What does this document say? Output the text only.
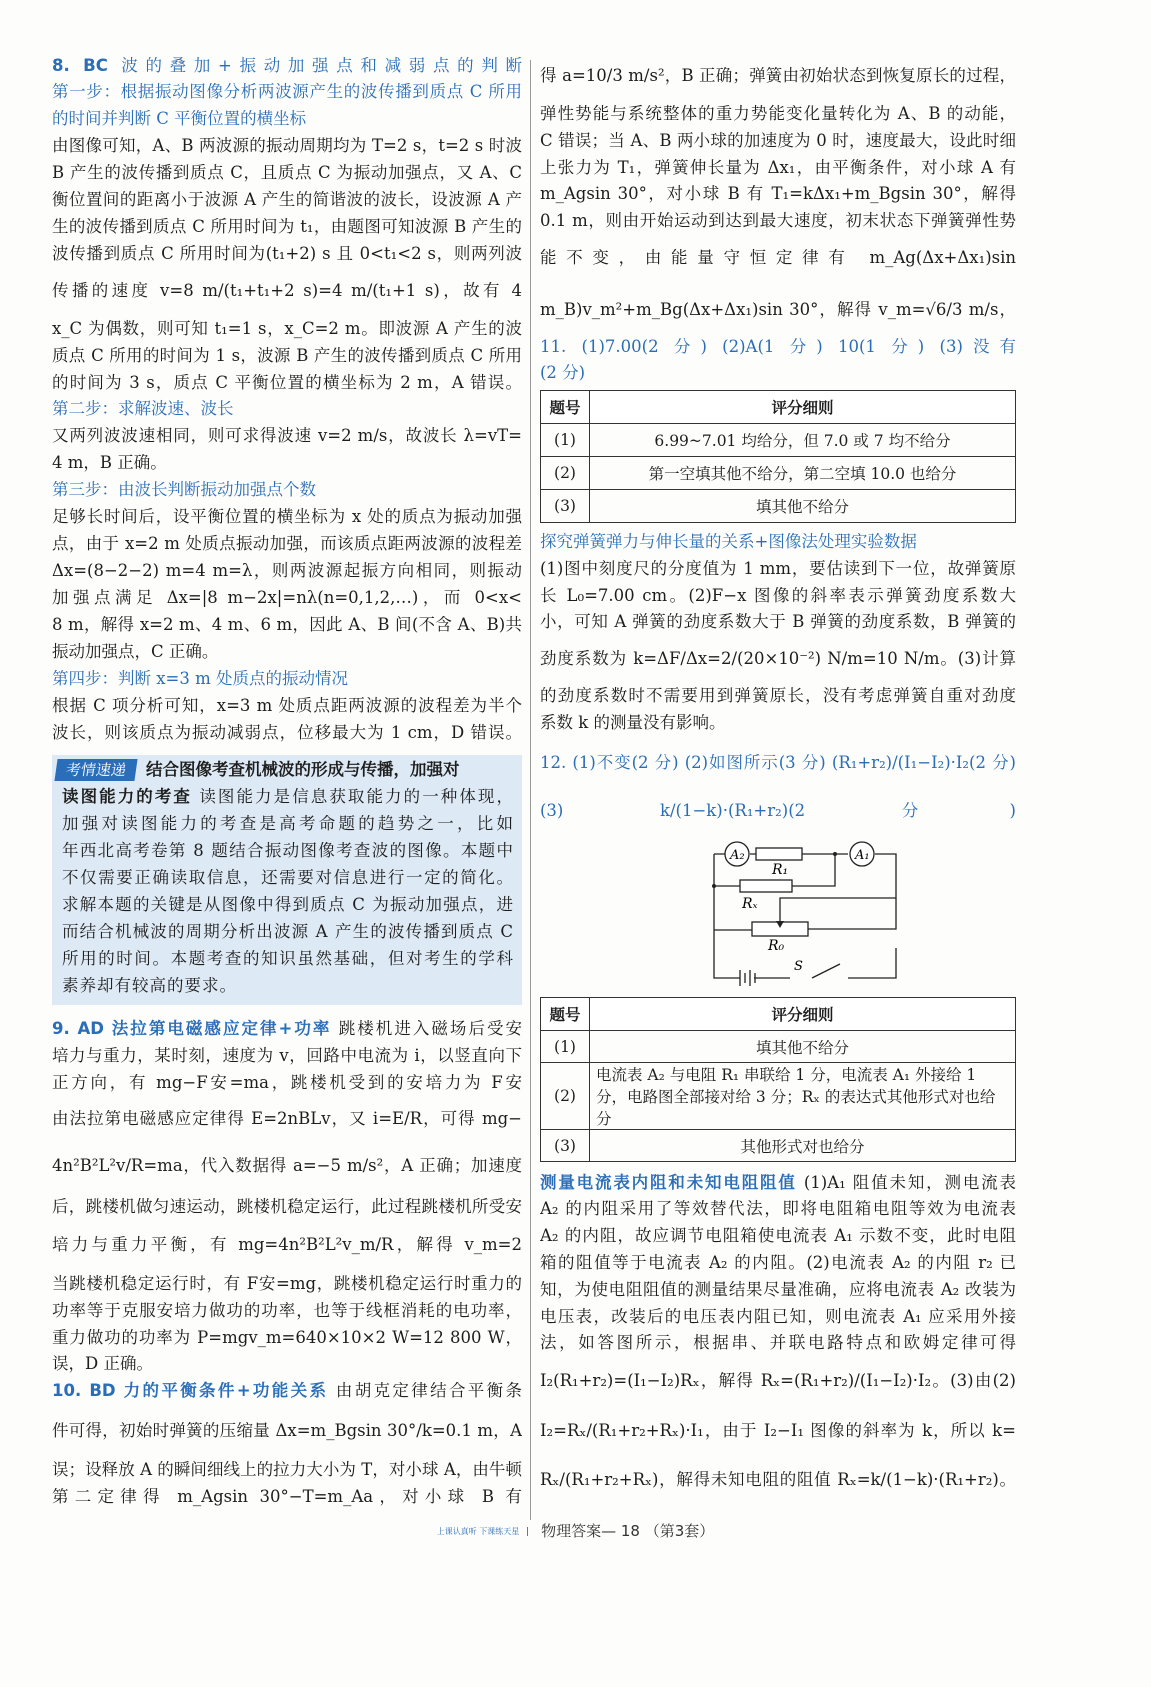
考情速递 结合图像考查机械波的形成与传播，加强对
读图能力的考查 读图能力是信息获取能力的一种体现，
加强对读图能力的考查是高考命题的趋势之一，比如
年西北高考卷第 8 题结合振动图像考查波的图像。本题中
不仅需要正确读取信息，还需要对信息进行一定的简化。
求解本题的关键是从图像中得到质点 C 为振动加强点，进
而结合机械波的周期分析出波源 A 产生的波传播到质点 C
所用的时间。本题考查的知识虽然基础，但对考生的学科
素养却有较高的要求。
题号	评分细则
(1)	6.99~7.01 均给分，但 7.0 或 7 均不给分
(2)	第一空填其他不给分，第二空填 10.0 也给分
(3)	填其他不给分
题号	评分细则
(1)	填其他不给分
(2)	电流表 A₂ 与电阻 R₁ 串联给 1 分，电流表 A₁ 外接给 1 分，电路图全部接对给 3 分；Rₓ 的表达式其他形式对也给分
(3)	其他形式对也给分
A₂
R₁
A₁
Rₓ
R₀
S
上课认真听 下课练天星 物理答案— 18 （第3套）
8. BC 波的叠加+振动加强点和减弱点的判断
第一步：根据振动图像分析两波源产生的波传播到质点 C 所用
的时间并判断 C 平衡位置的横坐标
由图像可知，A、B 两波源的振动周期均为 T=2 s，t=2 s 时波
B 产生的波传播到质点 C，且质点 C 为振动加强点，又 A、C
衡位置间的距离小于波源 A 产生的简谐波的波长，设波源 A 产
生的波传播到质点 C 所用时间为 t₁，由题图可知波源 B 产生的
波传播到质点 C 所用时间为(t₁+2) s 且 0<t₁<2 s，则两列波
传播的速度 v=8 m/(t₁+t₁+2 s)=4 m/(t₁+1 s)，故有 4
x_C 为偶数，则可知 t₁=1 s，x_C=2 m。即波源 A 产生的波
质点 C 所用的时间为 1 s，波源 B 产生的波传播到质点 C 所用
的时间为 3 s，质点 C 平衡位置的横坐标为 2 m，A 错误。
第二步：求解波速、波长
又两列波波速相同，则可求得波速 v=2 m/s，故波长 λ=vT=
4 m，B 正确。
第三步：由波长判断振动加强点个数
足够长时间后，设平衡位置的横坐标为 x 处的质点为振动加强
点，由于 x=2 m 处质点振动加强，而该质点距两波源的波程差
Δx=(8−2−2) m=4 m=λ，则两波源起振方向相同，则振动
加强点满足 Δx=|8 m−2x|=nλ(n=0,1,2,…)，而 0<x<
8 m，解得 x=2 m、4 m、6 m，因此 A、B 间(不含 A、B)共
振动加强点，C 正确。
第四步：判断 x=3 m 处质点的振动情况
根据 C 项分析可知，x=3 m 处质点距两波源的波程差为半个
波长，则该质点为振动减弱点，位移最大为 1 cm，D 错误。
9. AD 法拉第电磁感应定律+功率 跳楼机进入磁场后受安
培力与重力，某时刻，速度为 v，回路中电流为 i，以竖直向下
正方向，有 mg−F安=ma，跳楼机受到的安培力为 F安
由法拉第电磁感应定律得 E=2nBLv，又 i=E/R，可得 mg−
4n²B²L²v/R=ma，代入数据得 a=−5 m/s²，A 正确；加速度
后，跳楼机做匀速运动，跳楼机稳定运行，此过程跳楼机所受安
培力与重力平衡，有 mg=4n²B²L²v_m/R，解得 v_m=2
当跳楼机稳定运行时，有 F安=mg，跳楼机稳定运行时重力的
功率等于克服安培力做功的功率，也等于线框消耗的电功率，
重力做功的功率为 P=mgv_m=640×10×2 W=12 800 W，
误，D 正确。
10. BD 力的平衡条件+功能关系 由胡克定律结合平衡条
件可得，初始时弹簧的压缩量 Δx=m_Bgsin 30°/k=0.1 m，A
误；设释放 A 的瞬间细线上的拉力大小为 T，对小球 A，由牛顿
第二定律得 m_Agsin 30°−T=m_Aa，对小球 B 有
得 a=10/3 m/s²，B 正确；弹簧由初始状态到恢复原长的过程，
弹性势能与系统整体的重力势能变化量转化为 A、B 的动能，
C 错误；当 A、B 两小球的加速度为 0 时，速度最大，设此时细
上张力为 T₁，弹簧伸长量为 Δx₁，由平衡条件，对小球 A 有
m_Agsin 30°，对小球 B 有 T₁=kΔx₁+m_Bgsin 30°，解得
0.1 m，则由开始运动到达到最大速度，初末状态下弹簧弹性势
能不变，由能量守恒定律有 m_Ag(Δx+Δx₁)sin
m_B)v_m²+m_Bg(Δx+Δx₁)sin 30°，解得 v_m=√6/3 m/s，
11. (1)7.00(2 分) (2)A(1 分) 10(1 分) (3)没有
(2 分)
探究弹簧弹力与伸长量的关系+图像法处理实验数据
(1)图中刻度尺的分度值为 1 mm，要估读到下一位，故弹簧原
长 L₀=7.00 cm。(2)F−x 图像的斜率表示弹簧劲度系数大
小，可知 A 弹簧的劲度系数大于 B 弹簧的劲度系数，B 弹簧的
劲度系数为 k=ΔF/Δx=2/(20×10⁻²) N/m=10 N/m。(3)计算
的劲度系数时不需要用到弹簧原长，没有考虑弹簧自重对劲度
系数 k 的测量没有影响。
12. (1)不变(2 分) (2)如图所示(3 分) (R₁+r₂)/(I₁−I₂)·I₂(2 分)
(3) k/(1−k)·(R₁+r₂)(2 分)
测量电流表内阻和未知电阻阻值 (1)A₁ 阻值未知，测电流表
A₂ 的内阻采用了等效替代法，即将电阻箱电阻等效为电流表
A₂ 的内阻，故应调节电阻箱使电流表 A₁ 示数不变，此时电阻
箱的阻值等于电流表 A₂ 的内阻。(2)电流表 A₂ 的内阻 r₂ 已
知，为使电阻阻值的测量结果尽量准确，应将电流表 A₂ 改装为
电压表，改装后的电压表内阻已知，则电流表 A₁ 应采用外接
法，如答图所示，根据串、并联电路特点和欧姆定律可得
I₂(R₁+r₂)=(I₁−I₂)Rₓ，解得 Rₓ=(R₁+r₂)/(I₁−I₂)·I₂。(3)由(2)
I₂=Rₓ/(R₁+r₂+Rₓ)·I₁，由于 I₂−I₁ 图像的斜率为 k，所以 k=
Rₓ/(R₁+r₂+Rₓ)，解得未知电阻的阻值 Rₓ=k/(1−k)·(R₁+r₂)。
